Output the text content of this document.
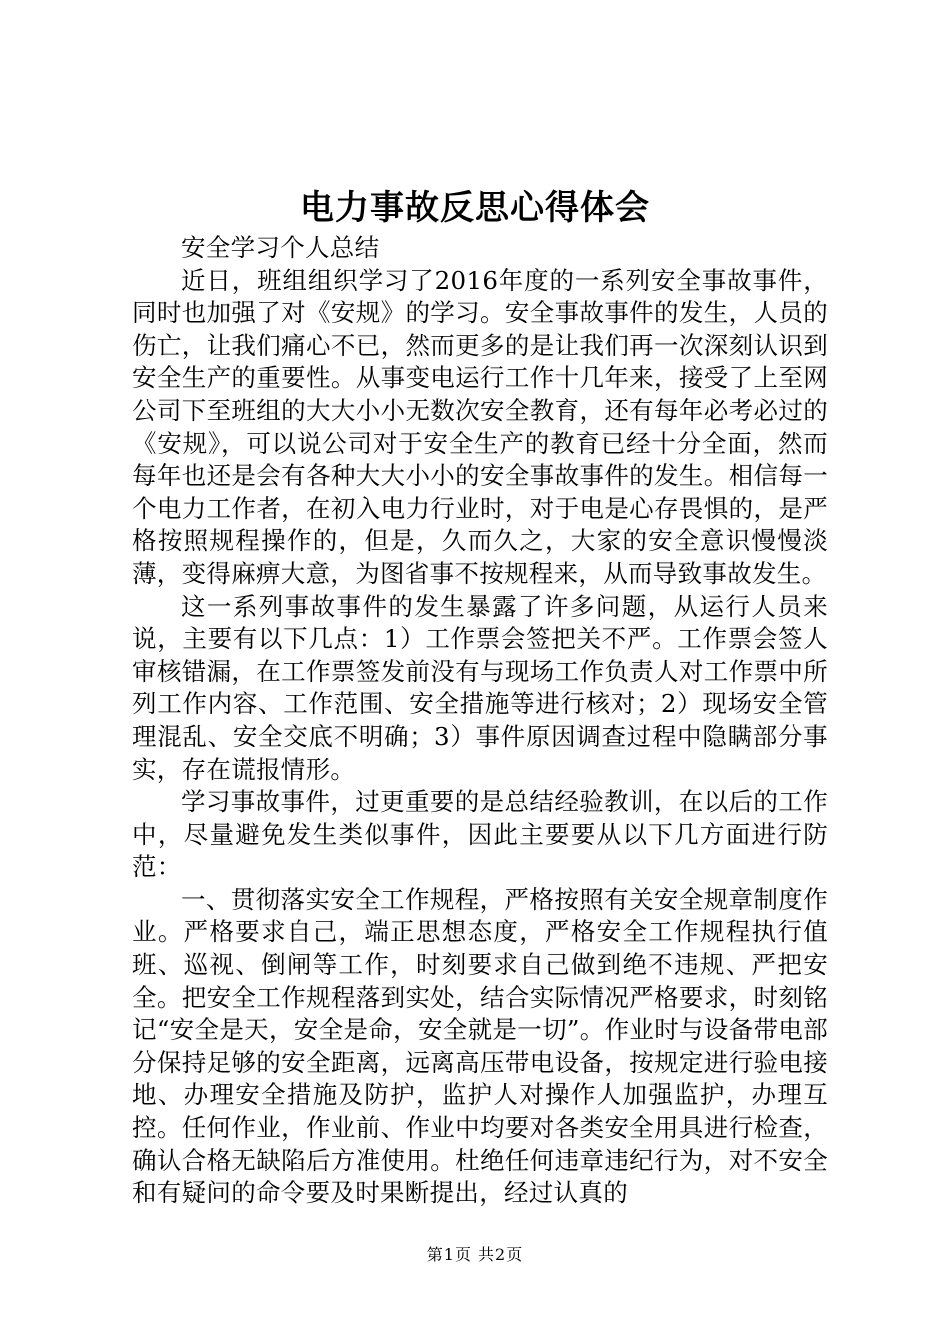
电力事故反思心得体会

安全学习个人总结

近日，班组组织学习了2016年度的一系列安全事故事件，同时也加强了对《安规》的学习。安全事故事件的发生，人员的伤亡，让我们痛心不已，然而更多的是让我们再一次深刻认识到安全生产的重要性。从事变电运行工作十几年来，接受了上至网公司下至班组的大大小小无数次安全教育，还有每年必考必过的《安规》，可以说公司对于安全生产的教育已经十分全面，然而每年也还是会有各种大大小小的安全事故事件的发生。相信每一个电力工作者，在初入电力行业时，对于电是心存畏惧的，是严格按照规程操作的，但是，久而久之，大家的安全意识慢慢淡薄，变得麻痹大意，为图省事不按规程来，从而导致事故发生。

这一系列事故事件的发生暴露了许多问题，从运行人员来说，主要有以下几点：1）工作票会签把关不严。工作票会签人审核错漏，在工作票签发前没有与现场工作负责人对工作票中所列工作内容、工作范围、安全措施等进行核对；2）现场安全管理混乱、安全交底不明确；3）事件原因调查过程中隐瞒部分事实，存在谎报情形。

学习事故事件，过更重要的是总结经验教训，在以后的工作中，尽量避免发生类似事件，因此主要要从以下几方面进行防范：

一、贯彻落实安全工作规程，严格按照有关安全规章制度作业。严格要求自己，端正思想态度，严格安全工作规程执行值班、巡视、倒闸等工作，时刻要求自己做到绝不违规、严把安全。把安全工作规程落到实处，结合实际情况严格要求，时刻铭记“安全是天，安全是命，安全就是一切”。作业时与设备带电部分保持足够的安全距离，远离高压带电设备，按规定进行验电接地、办理安全措施及防护，监护人对操作人加强监护，办理互控。任何作业，作业前、作业中均要对各类安全用具进行检查，确认合格无缺陷后方准使用。杜绝任何违章违纪行为，对不安全和有疑问的命令要及时果断提出，经过认真的

第1页 共2页
